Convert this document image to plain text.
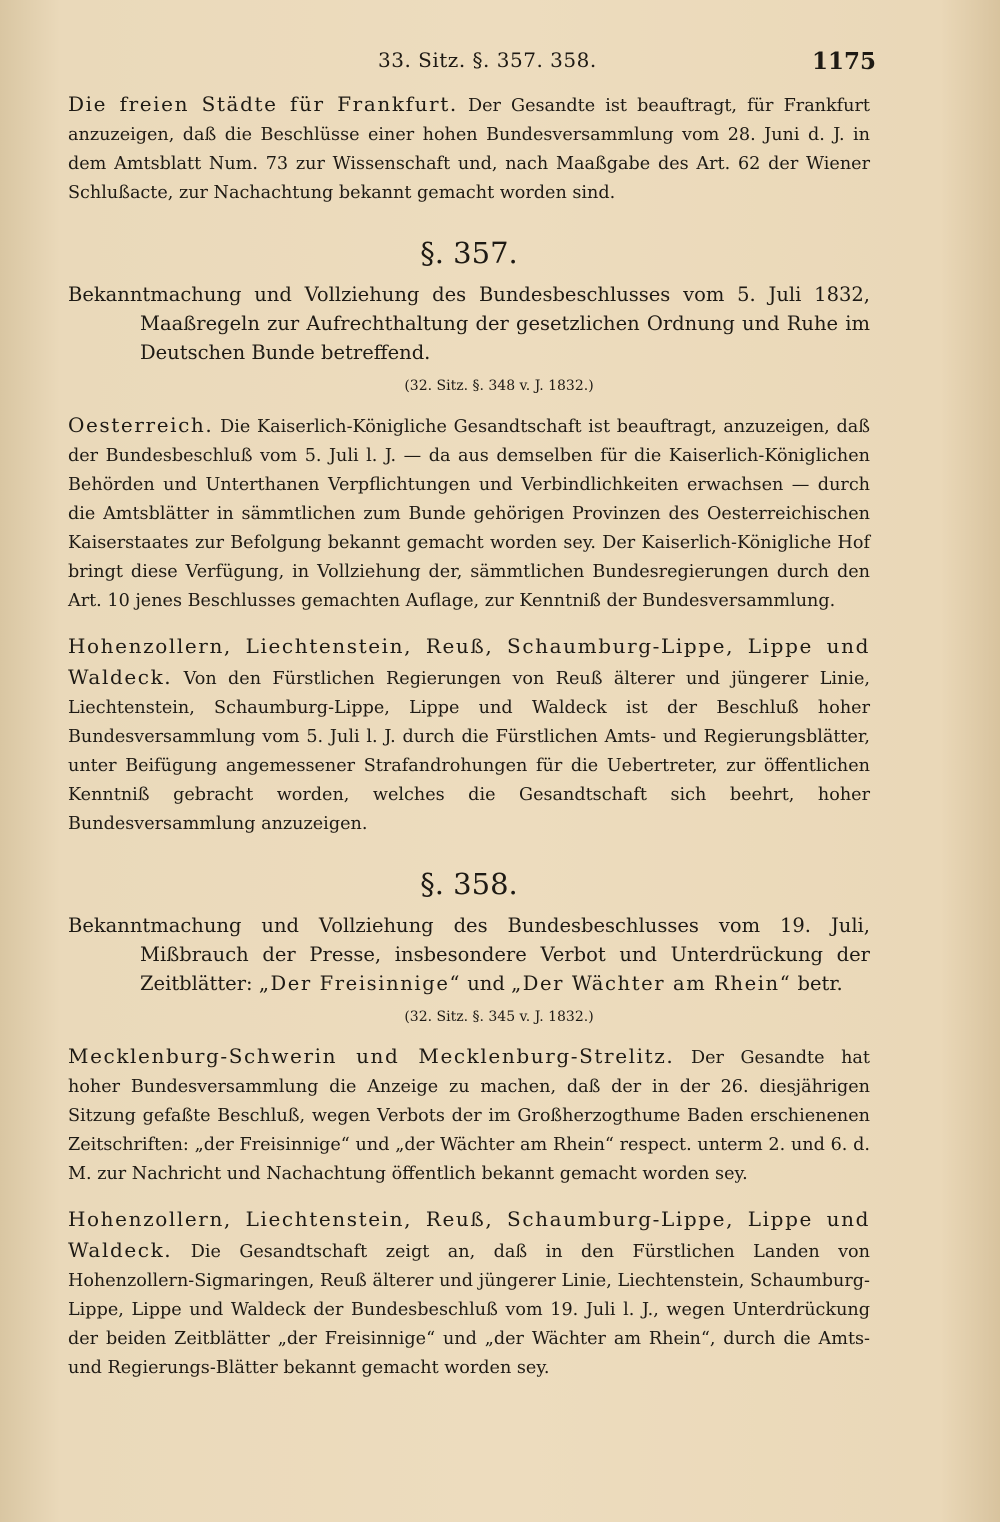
33. Sitz. §. 357. 358.	1175

Die freien Städte für Frankfurt. Der Gesandte ist beauftragt, für Frankfurt anzuzeigen, daß die Beschlüsse einer hohen Bundesversammlung vom 28. Juni d. J. in dem Amtsblatt Num. 73 zur Wissenschaft und, nach Maaßgabe des Art. 62 der Wiener Schlußacte, zur Nachachtung bekannt gemacht worden sind.

§. 357.
Bekanntmachung und Vollziehung des Bundesbeschlusses vom 5. Juli 1832, Maaßregeln zur Aufrechthaltung der gesetzlichen Ordnung und Ruhe im Deutschen Bunde betreffend.
(32. Sitz. §. 348 v. J. 1832.)

Oesterreich. Die Kaiserlich-Königliche Gesandtschaft ist beauftragt, anzuzeigen, daß der Bundesbeschluß vom 5. Juli l. J. — da aus demselben für die Kaiserlich-Königlichen Behörden und Unterthanen Verpflichtungen und Verbindlichkeiten erwachsen — durch die Amtsblätter in sämmtlichen zum Bunde gehörigen Provinzen des Oesterreichischen Kaiserstaates zur Befolgung bekannt gemacht worden sey. Der Kaiserlich-Königliche Hof bringt diese Verfügung, in Vollziehung der, sämmtlichen Bundesregierungen durch den Art. 10 jenes Beschlusses gemachten Auflage, zur Kenntniß der Bundesversammlung.

Hohenzollern, Liechtenstein, Reuß, Schaumburg-Lippe, Lippe und Waldeck. Von den Fürstlichen Regierungen von Reuß älterer und jüngerer Linie, Liechtenstein, Schaumburg-Lippe, Lippe und Waldeck ist der Beschluß hoher Bundesversammlung vom 5. Juli l. J. durch die Fürstlichen Amts- und Regierungsblätter, unter Beifügung angemessener Strafandrohungen für die Uebertreter, zur öffentlichen Kenntniß gebracht worden, welches die Gesandtschaft sich beehrt, hoher Bundesversammlung anzuzeigen.

§. 358.
Bekanntmachung und Vollziehung des Bundesbeschlusses vom 19. Juli, Mißbrauch der Presse, insbesondere Verbot und Unterdrückung der Zeitblätter: „Der Freisinnige“ und „Der Wächter am Rhein“ betr.
(32. Sitz. §. 345 v. J. 1832.)

Mecklenburg-Schwerin und Mecklenburg-Strelitz. Der Gesandte hat hoher Bundesversammlung die Anzeige zu machen, daß der in der 26. diesjährigen Sitzung gefaßte Beschluß, wegen Verbots der im Großherzogthume Baden erschienenen Zeitschriften: „der Freisinnige“ und „der Wächter am Rhein“ respect. unterm 2. und 6. d. M. zur Nachricht und Nachachtung öffentlich bekannt gemacht worden sey.

Hohenzollern, Liechtenstein, Reuß, Schaumburg-Lippe, Lippe und Waldeck. Die Gesandtschaft zeigt an, daß in den Fürstlichen Landen von Hohenzollern-Sigmaringen, Reuß älterer und jüngerer Linie, Liechtenstein, Schaumburg-Lippe, Lippe und Waldeck der Bundesbeschluß vom 19. Juli l. J., wegen Unterdrückung der beiden Zeitblätter „der Freisinnige“ und „der Wächter am Rhein“, durch die Amts- und Regierungs-Blätter bekannt gemacht worden sey.
